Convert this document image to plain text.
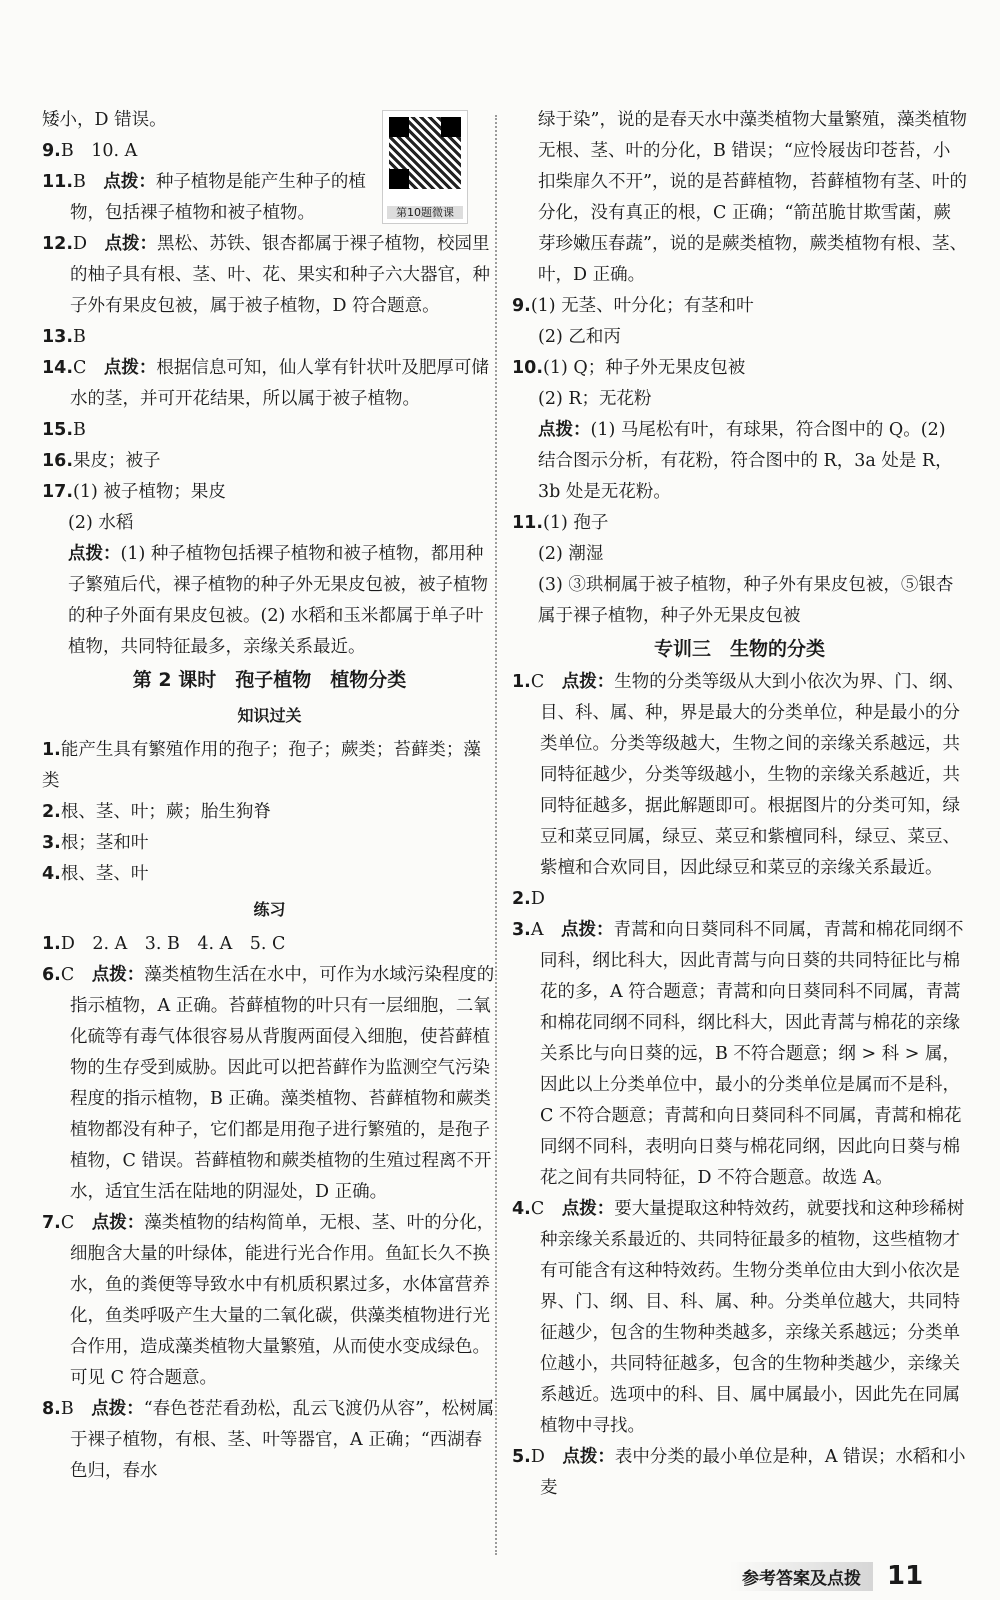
第10题微课
矮小，D 错误。
9.B　10. A
11.B　 点拨：种子植物是能产生种子的植物，包括裸子植物和被子植物。
12.D　 点拨：黑松、苏铁、银杏都属于裸子植物，校园里的柚子具有根、茎、叶、花、果实和种子六大器官，种子外有果皮包被，属于被子植物，D 符合题意。
13.B
14.C　 点拨：根据信息可知，仙人掌有针状叶及肥厚可储水的茎，并可开花结果，所以属于被子植物。
15.B
16.果皮；被子
17.(1) 被子植物；果皮
(2) 水稻
点拨：(1) 种子植物包括裸子植物和被子植物，都用种子繁殖后代，裸子植物的种子外无果皮包被，被子植物的种子外面有果皮包被。(2) 水稻和玉米都属于单子叶植物，共同特征最多，亲缘关系最近。
第 2 课时　孢子植物　植物分类
知识过关
1.能产生具有繁殖作用的孢子；孢子；蕨类；苔藓类；藻类
2.根、茎、叶；蕨；胎生狗脊
3.根；茎和叶
4.根、茎、叶
练习
1.D　2. A　3. B　4. A　5. C
6.C　 点拨：藻类植物生活在水中，可作为水域污染程度的指示植物，A 正确。苔藓植物的叶只有一层细胞，二氧化硫等有毒气体很容易从背腹两面侵入细胞，使苔藓植物的生存受到威胁。因此可以把苔藓作为监测空气污染程度的指示植物，B 正确。藻类植物、苔藓植物和蕨类植物都没有种子，它们都是用孢子进行繁殖的，是孢子植物，C 错误。苔藓植物和蕨类植物的生殖过程离不开水，适宜生活在陆地的阴湿处，D 正确。
7.C　 点拨：藻类植物的结构简单，无根、茎、叶的分化，细胞含大量的叶绿体，能进行光合作用。鱼缸长久不换水，鱼的粪便等导致水中有机质积累过多，水体富营养化，鱼类呼吸产生大量的二氧化碳，供藻类植物进行光合作用，造成藻类植物大量繁殖，从而使水变成绿色。可见 C 符合题意。
8.B　 点拨：“春色苍茫看劲松，乱云飞渡仍从容”，松树属于裸子植物，有根、茎、叶等器官，A 正确；“西湖春色归，春水
绿于染”，说的是春天水中藻类植物大量繁殖，藻类植物无根、茎、叶的分化，B 错误；“应怜屐齿印苍苔，小扣柴扉久不开”，说的是苔藓植物，苔藓植物有茎、叶的分化，没有真正的根，C 正确；“箭茁脆甘欺雪菌，蕨芽珍嫩压春蔬”，说的是蕨类植物，蕨类植物有根、茎、叶，D 正确。
9.(1) 无茎、叶分化；有茎和叶
(2) 乙和丙
10.(1) Q；种子外无果皮包被
(2) R；无花粉
点拨：(1) 马尾松有叶，有球果，符合图中的 Q。(2) 结合图示分析，有花粉，符合图中的 R，3a 处是 R，3b 处是无花粉。
11.(1) 孢子
(2) 潮湿
(3) ③珙桐属于被子植物，种子外有果皮包被，⑤银杏属于裸子植物，种子外无果皮包被
专训三　生物的分类
1.C　 点拨：生物的分类等级从大到小依次为界、门、纲、目、科、属、种，界是最大的分类单位，种是最小的分类单位。分类等级越大，生物之间的亲缘关系越远，共同特征越少，分类等级越小，生物的亲缘关系越近，共同特征越多，据此解题即可。根据图片的分类可知，绿豆和菜豆同属，绿豆、菜豆和紫檀同科，绿豆、菜豆、紫檀和合欢同目，因此绿豆和菜豆的亲缘关系最近。
2.D
3.A　 点拨：青蒿和向日葵同科不同属，青蒿和棉花同纲不同科，纲比科大，因此青蒿与向日葵的共同特征比与棉花的多，A 符合题意；青蒿和向日葵同科不同属，青蒿和棉花同纲不同科，纲比科大，因此青蒿与棉花的亲缘关系比与向日葵的远，B 不符合题意；纲 > 科 > 属，因此以上分类单位中，最小的分类单位是属而不是科，C 不符合题意；青蒿和向日葵同科不同属，青蒿和棉花同纲不同科，表明向日葵与棉花同纲，因此向日葵与棉花之间有共同特征，D 不符合题意。故选 A。
4.C　 点拨：要大量提取这种特效药，就要找和这种珍稀树种亲缘关系最近的、共同特征最多的植物，这些植物才有可能含有这种特效药。生物分类单位由大到小依次是界、门、纲、目、科、属、种。分类单位越大，共同特征越少，包含的生物种类越多，亲缘关系越远；分类单位越小，共同特征越多，包含的生物种类越少，亲缘关系越近。选项中的科、目、属中属最小，因此先在同属植物中寻找。
5.D　 点拨：表中分类的最小单位是种，A 错误；水稻和小麦
参考答案及点拨	11
